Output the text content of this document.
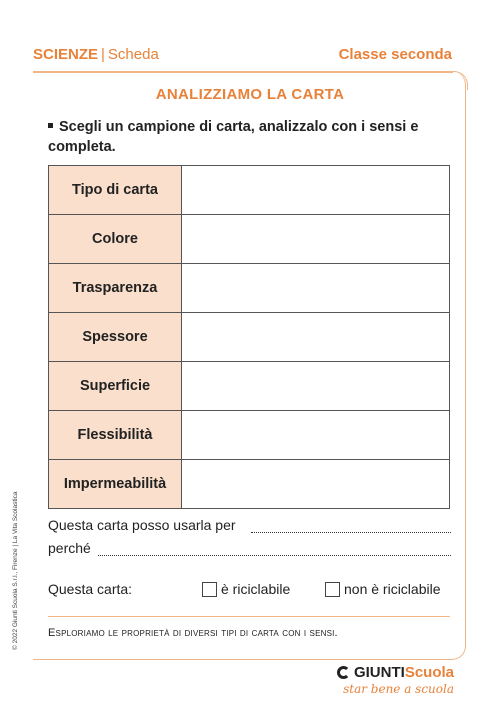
SCIENZE | Scheda	Classe seconda
ANALIZZIAMO LA CARTA
Scegli un campione di carta, analizzalo con i sensi e completa.
Tipo di carta	
Colore	
Trasparenza	
Spessore	
Superficie	
Flessibilità	
Impermeabilità	
Questa carta posso usarla per
perché
Questa carta:	è riciclabile	non è riciclabile
Esploriamo le proprietà di diversi tipi di carta con i sensi.
© 2022 Giunti Scuola S.r.l., Firenze | La Vita Scolastica
GIUNTI Scuola
star bene a scuola
